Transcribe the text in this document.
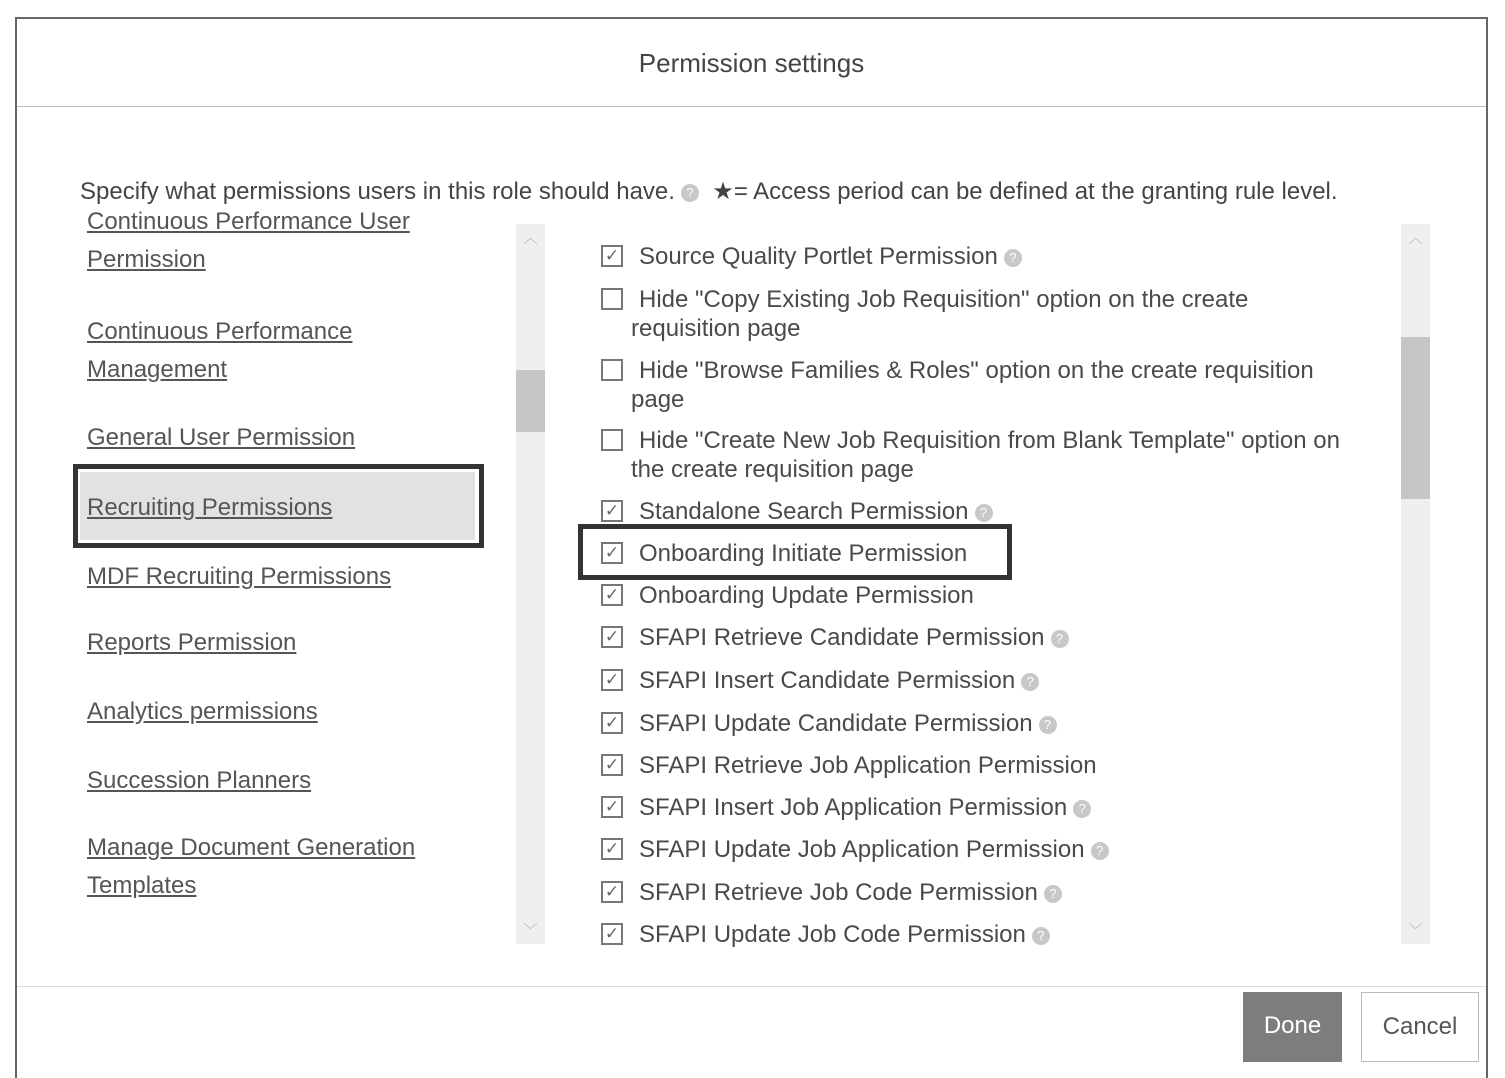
Permission settings
Specify what permissions users in this role should have. ? ★= Access period can be defined at the granting rule level.
Continuous Performance User Permission
Continuous Performance Management
General User Permission
Recruiting Permissions
MDF Recruiting Permissions
Reports Permission
Analytics permissions
Succession Planners
Manage Document Generation Templates
︿
﹀
✓ Source Quality Portlet Permission ?
Hide "Copy Existing Job Requisition" option on the create
requisition page
Hide "Browse Families & Roles" option on the create requisition
page
Hide "Create New Job Requisition from Blank Template" option on
the create requisition page
✓ Standalone Search Permission ?
✓ Onboarding Initiate Permission
✓ Onboarding Update Permission
✓ SFAPI Retrieve Candidate Permission ?
✓ SFAPI Insert Candidate Permission ?
✓ SFAPI Update Candidate Permission ?
✓ SFAPI Retrieve Job Application Permission
✓ SFAPI Insert Job Application Permission ?
✓ SFAPI Update Job Application Permission ?
✓ SFAPI Retrieve Job Code Permission ?
✓ SFAPI Update Job Code Permission ?
︿
﹀
Done	Cancel
